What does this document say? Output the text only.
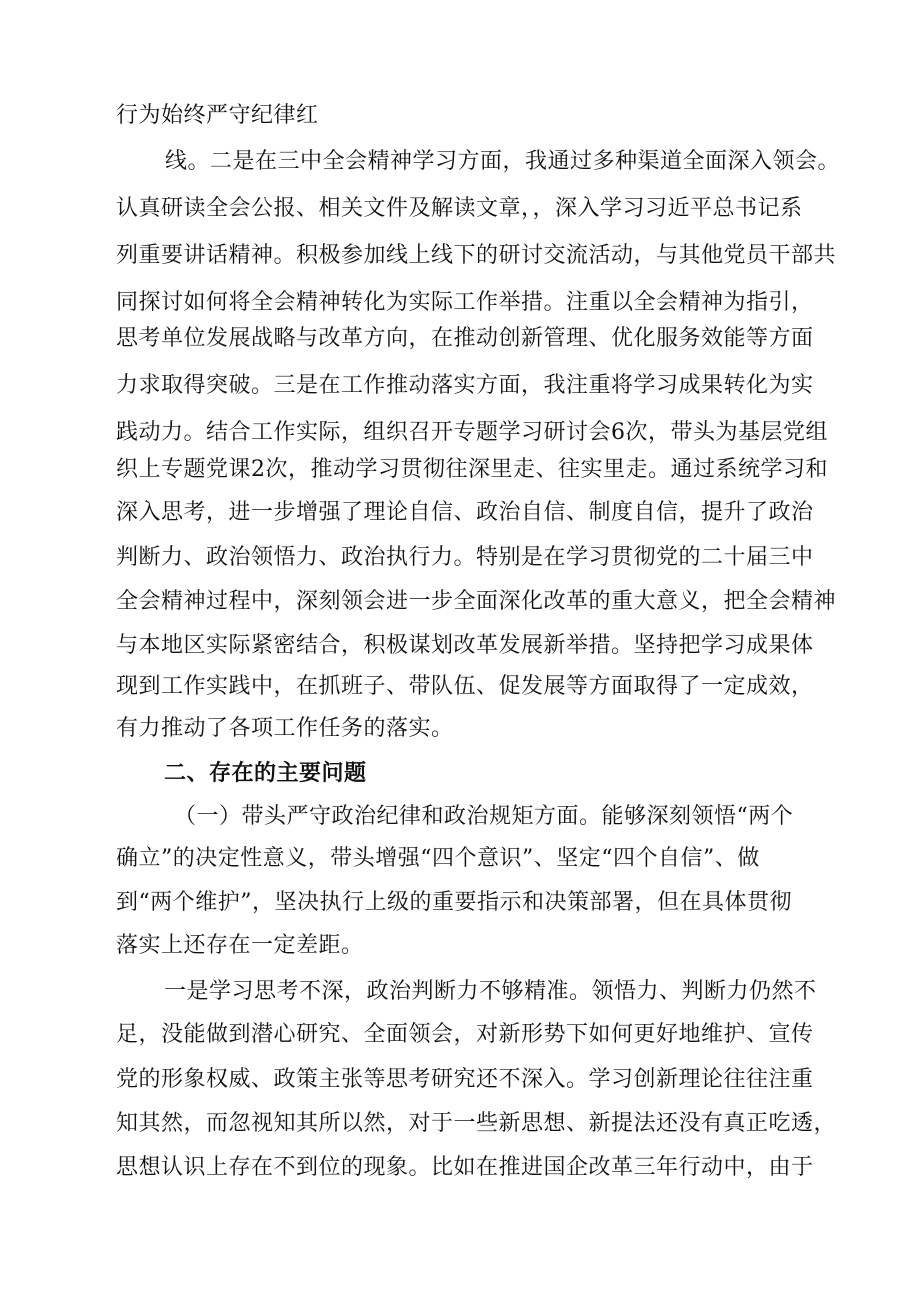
行为始终严守纪律红
线。二是在三中全会精神学习方面，我通过多种渠道全面深入领会。
认真研读全会公报、相关文件及解读文章，，深入学习习近平总书记系
列重要讲话精神。积极参加线上线下的研讨交流活动，与其他党员干部共
同探讨如何将全会精神转化为实际工作举措。注重以全会精神为指引，
思考单位发展战略与改革方向，在推动创新管理、优化服务效能等方面
力求取得突破。三是在工作推动落实方面，我注重将学习成果转化为实
践动力。结合工作实际，组织召开专题学习研讨会6次，带头为基层党组
织上专题党课2次，推动学习贯彻往深里走、往实里走。通过系统学习和
深入思考，进一步增强了理论自信、政治自信、制度自信，提升了政治
判断力、政治领悟力、政治执行力。特别是在学习贯彻党的二十届三中
全会精神过程中，深刻领会进一步全面深化改革的重大意义，把全会精神
与本地区实际紧密结合，积极谋划改革发展新举措。坚持把学习成果体
现到工作实践中，在抓班子、带队伍、促发展等方面取得了一定成效，
有力推动了各项工作任务的落实。
二、存在的主要问题
（一）带头严守政治纪律和政治规矩方面。能够深刻领悟“两个
确立”的决定性意义，带头增强“四个意识”、坚定“四个自信”、做
到“两个维护”，坚决执行上级的重要指示和决策部署，但在具体贯彻
落实上还存在一定差距。
一是学习思考不深，政治判断力不够精准。领悟力、判断力仍然不
足，没能做到潜心研究、全面领会，对新形势下如何更好地维护、宣传
党的形象权威、政策主张等思考研究还不深入。学习创新理论往往注重
知其然，而忽视知其所以然，对于一些新思想、新提法还没有真正吃透，
思想认识上存在不到位的现象。比如在推进国企改革三年行动中，由于
